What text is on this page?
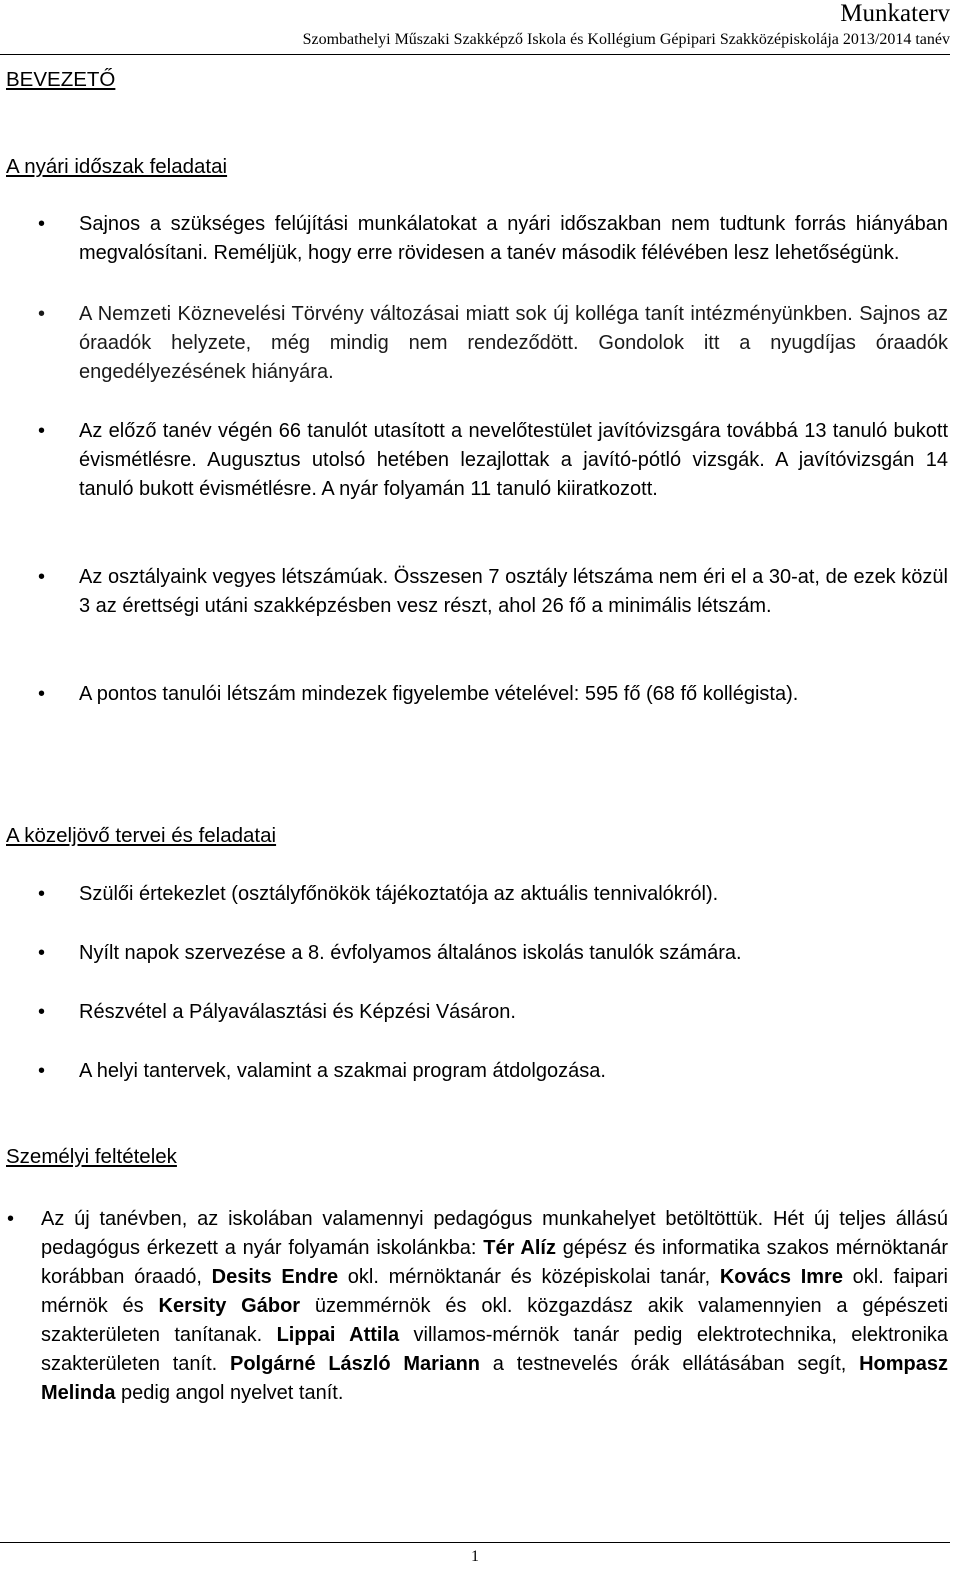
Munkaterv
Szombathelyi Műszaki Szakképző Iskola és Kollégium Gépipari Szakközépiskolája 2013/2014 tanév
BEVEZETŐ
A nyári időszak feladatai
• Sajnos a szükséges felújítási munkálatokat a nyári időszakban nem tudtunk forrás hiányában megvalósítani. Reméljük, hogy erre rövidesen a tanév második félévében lesz lehetőségünk.
• A Nemzeti Köznevelési Törvény változásai miatt sok új kolléga tanít intézményünkben. Sajnos az óraadók helyzete, még mindig nem rendeződött. Gondolok itt a nyugdíjas óraadók engedélyezésének hiányára.
• Az előző tanév végén 66 tanulót utasított a nevelőtestület javítóvizsgára továbbá 13 tanuló bukott évismétlésre. Augusztus utolsó hetében lezajlottak a javító-pótló vizsgák. A javítóvizsgán 14 tanuló bukott évismétlésre. A nyár folyamán 11 tanuló kiiratkozott.
• Az osztályaink vegyes létszámúak. Összesen 7 osztály létszáma nem éri el a 30-at, de ezek közül 3 az érettségi utáni szakképzésben vesz részt, ahol 26 fő a minimális létszám.
• A pontos tanulói létszám mindezek figyelembe vételével: 595 fő (68 fő kollégista).
A közeljövő tervei és feladatai
• Szülői értekezlet (osztályfőnökök tájékoztatója az aktuális tennivalókról).
• Nyílt napok szervezése a 8. évfolyamos általános iskolás tanulók számára.
• Részvétel a Pályaválasztási és Képzési Vásáron.
• A helyi tantervek, valamint a szakmai program átdolgozása.
Személyi feltételek
• Az új tanévben, az iskolában valamennyi pedagógus munkahelyet betöltöttük. Hét új teljes állású pedagógus érkezett a nyár folyamán iskolánkba: Tér Alíz gépész és informatika szakos mérnöktanár korábban óraadó, Desits Endre okl. mérnöktanár és középiskolai tanár, Kovács Imre okl. faipari mérnök és Kersity Gábor üzemmérnök és okl. közgazdász akik valamennyien a gépészeti szakterületen tanítanak. Lippai Attila villamos-mérnök tanár pedig elektrotechnika, elektronika szakterületen tanít. Polgárné László Mariann a testnevelés órák ellátásában segít, Hompasz Melinda pedig angol nyelvet tanít.
1
